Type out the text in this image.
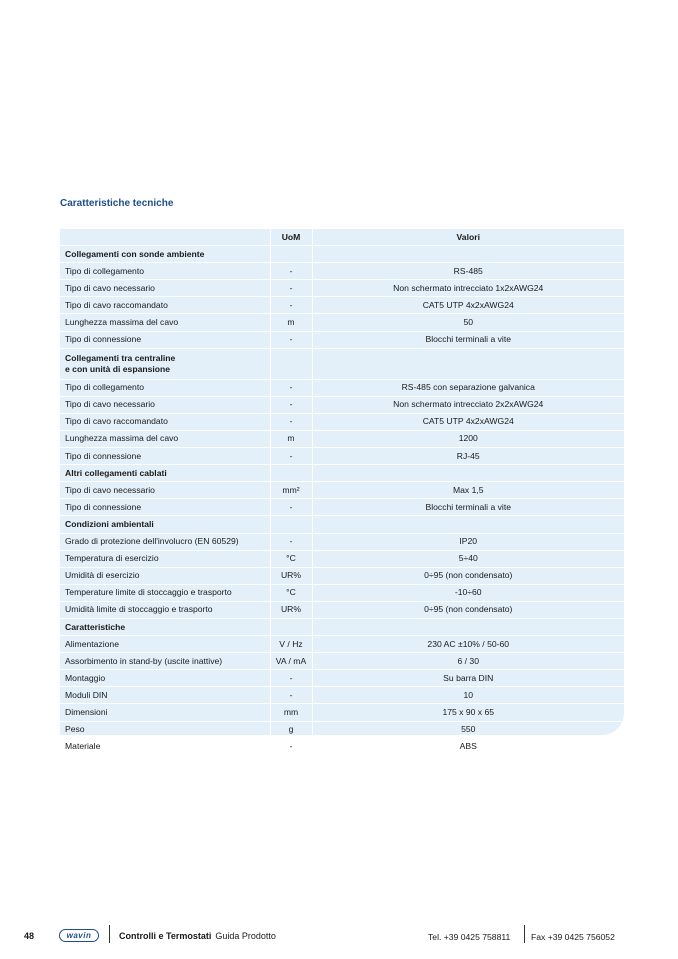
Caratteristiche tecniche
	UoM	Valori
Collegamenti con sonde ambiente		
Tipo di collegamento	-	RS-485
Tipo di cavo necessario	-	Non schermato intrecciato 1x2xAWG24
Tipo di cavo raccomandato	-	CAT5 UTP 4x2xAWG24
Lunghezza massima del cavo	m	50
Tipo di connessione	-	Blocchi terminali a vite
Collegamenti tra centraline
e con unità di espansione		
Tipo di collegamento	-	RS-485 con separazione galvanica
Tipo di cavo necessario	-	Non schermato intrecciato 2x2xAWG24
Tipo di cavo raccomandato	-	CAT5 UTP 4x2xAWG24
Lunghezza massima del cavo	m	1200
Tipo di connessione	-	RJ-45
Altri collegamenti cablati		
Tipo di cavo necessario	mm²	Max 1,5
Tipo di connessione	-	Blocchi terminali a vite
Condizioni ambientali		
Grado di protezione dell'involucro (EN 60529)	-	IP20
Temperatura di esercizio	°C	5÷40
Umidità di esercizio	UR%	0÷95 (non condensato)
Temperature limite di stoccaggio e trasporto	°C	-10÷60
Umidità limite di stoccaggio e trasporto	UR%	0÷95 (non condensato)
Caratteristiche		
Alimentazione	V / Hz	230 AC ±10% / 50-60
Assorbimento in stand-by (uscite inattive)	VA / mA	6 / 30
Montaggio	-	Su barra DIN
Moduli DIN	-	10
Dimensioni	mm	175 x 90 x 65
Peso	g	550
Materiale	-	ABS
48	wavin	Controlli e Termostati Guida Prodotto	Tel. +39 0425 758811 Fax +39 0425 756052
